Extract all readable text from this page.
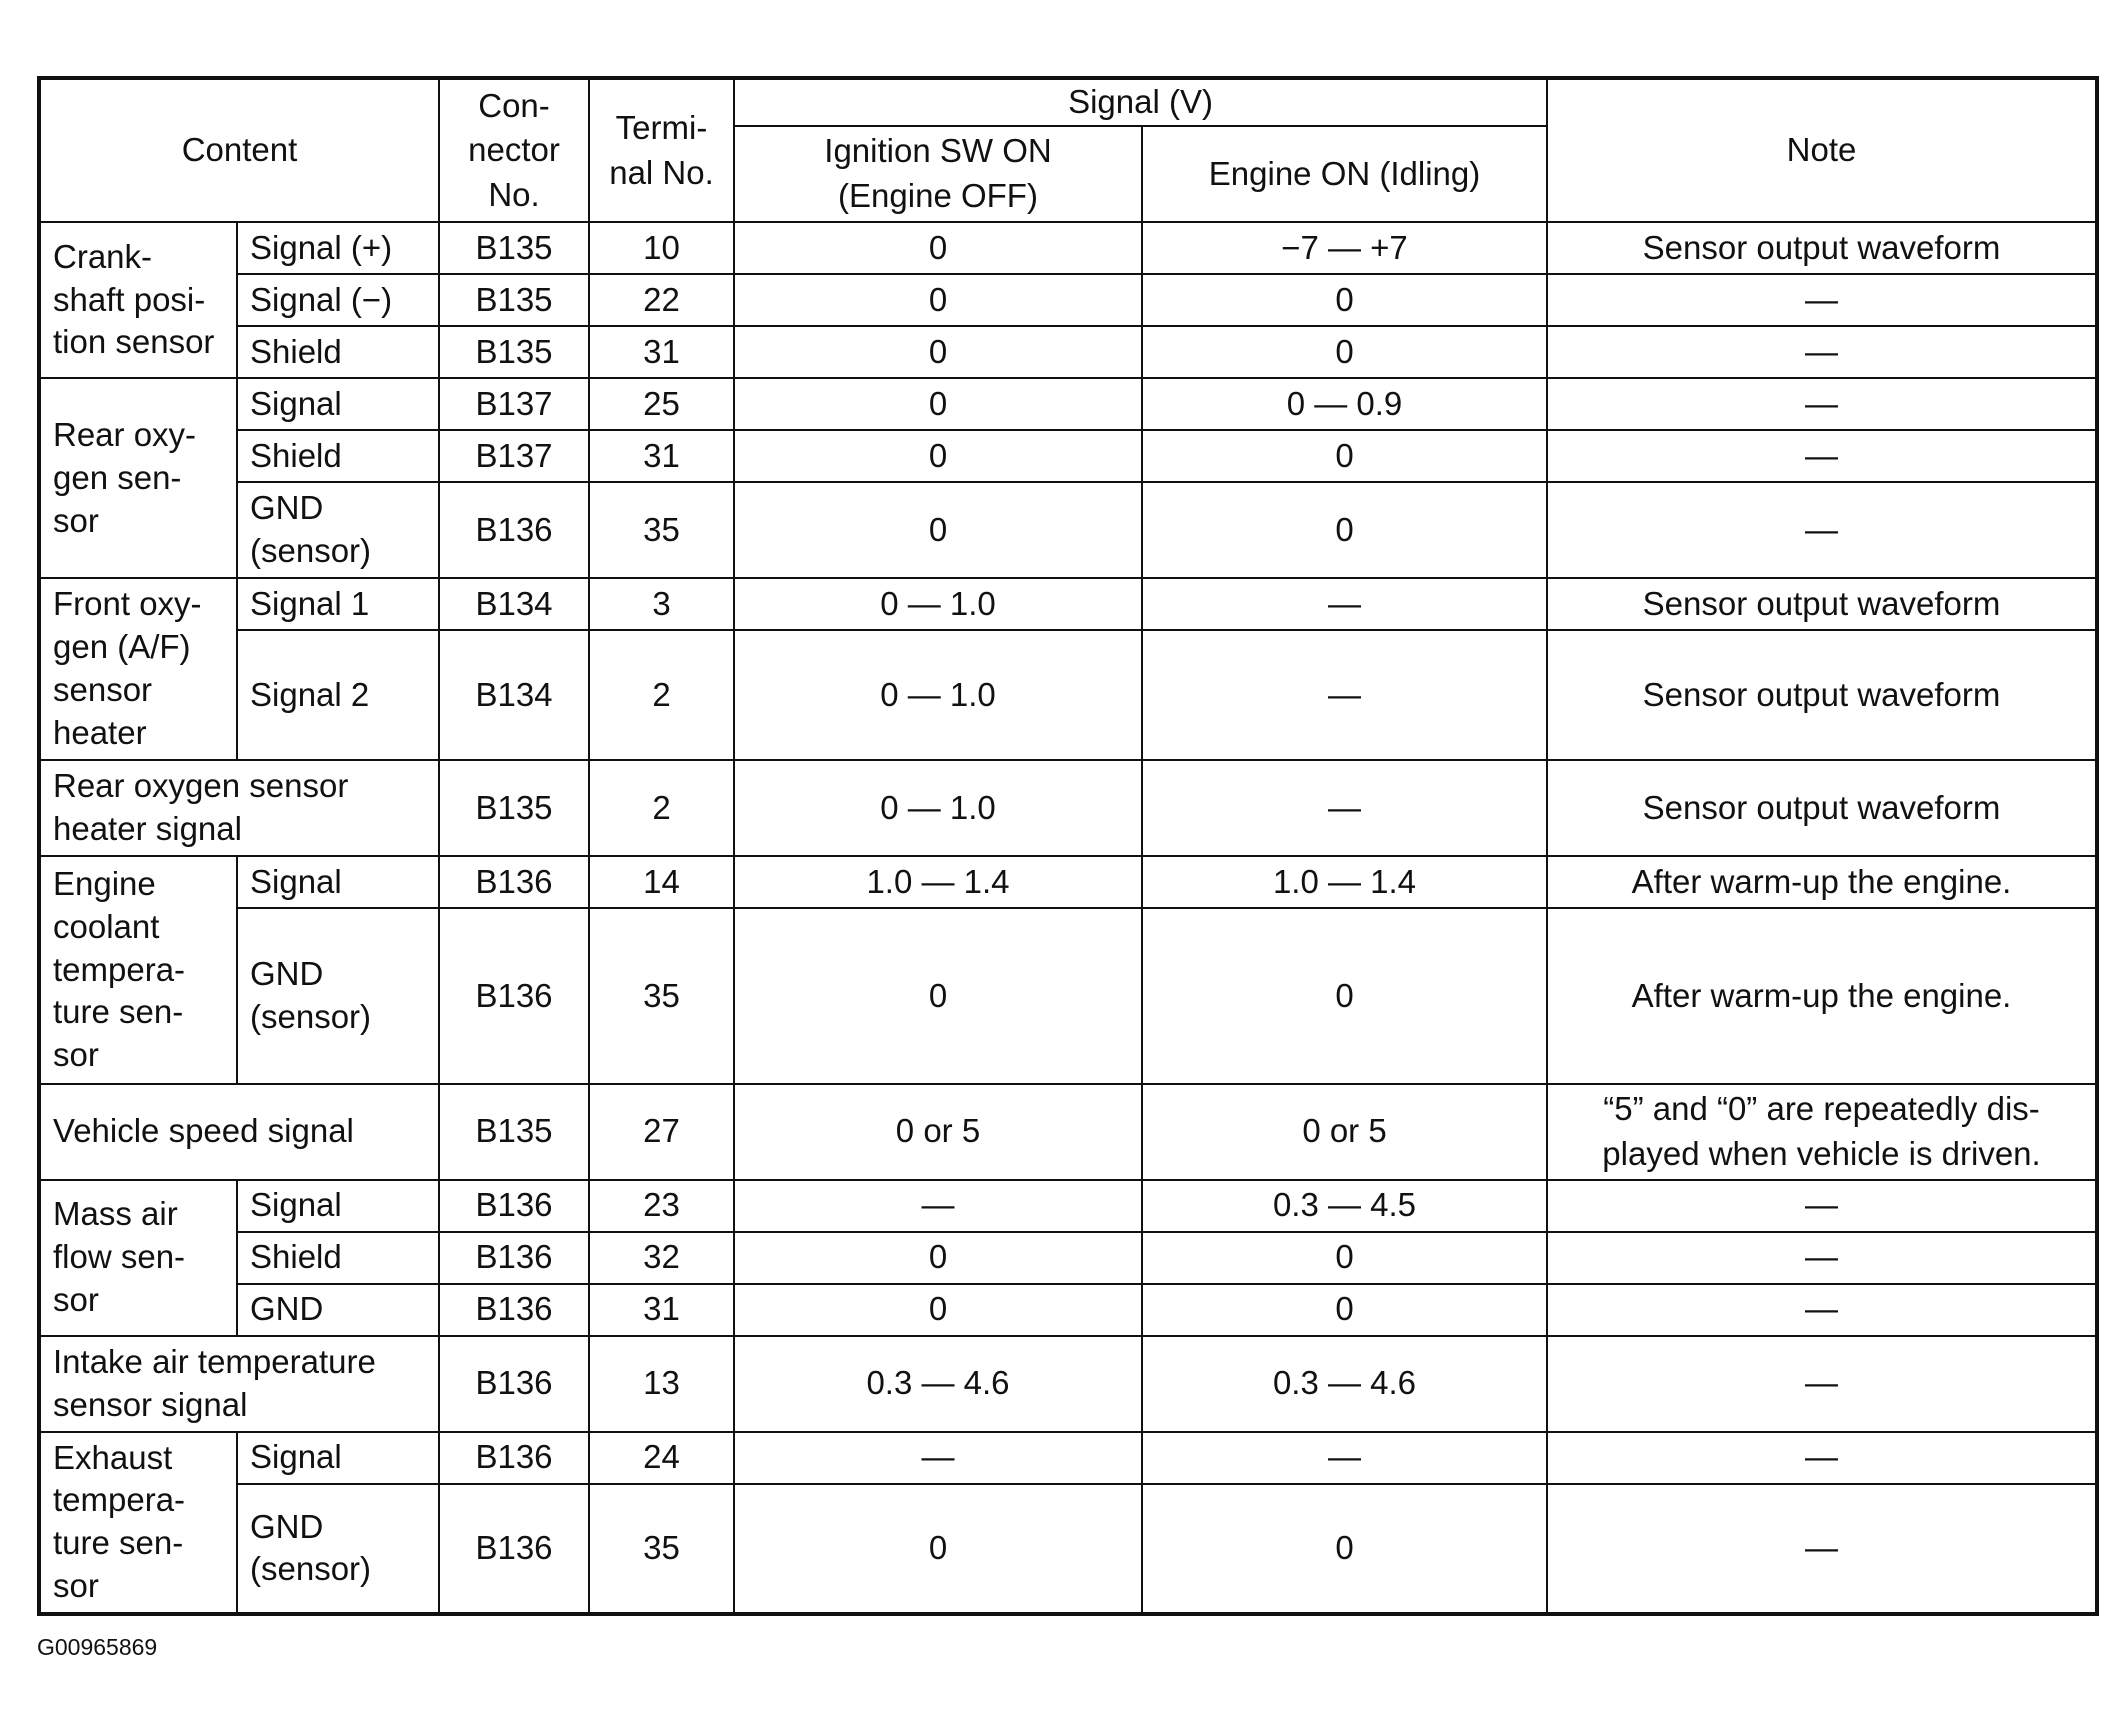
Content		Con-
nector
No.	Termi-
nal No.	Signal (V)		Note

				Ignition SW ON
(Engine OFF)	Engine ON (Idling)	

Crank-
shaft posi-
tion sensor	Signal (+)	B135	10	0	−7 — +7	Sensor output waveform
	Signal (−)	B135	22	0	0	—
	Shield	B135	31	0	0	—

Rear oxy-
gen sen-
sor	Signal	B137	25	0	0 — 0.9	—
	Shield	B137	31	0	0	—

	GND
(sensor)	B136	35	0	0	—

Front oxy-
gen (A/F)
sensor
heater	Signal 1	B134	3	0 — 1.0	—	Sensor output waveform
	Signal 2	B134	2	0 — 1.0	—	Sensor output waveform

Rear oxygen sensor
heater signal		B135	2	0 — 1.0	—	Sensor output waveform

Engine
coolant
tempera-
ture sen-
sor	Signal	B136	14	1.0 — 1.4	1.0 — 1.4	After warm-up the engine.

	GND
(sensor)	B136	35	0	0	After warm-up the engine.
Vehicle speed signal		B135	27	0 or 5	0 or 5	“5” and “0” are repeatedly dis-
played when vehicle is driven.

Mass air
flow sen-
sor	Signal	B136	23	—	0.3 — 4.5	—
	Shield	B136	32	0	0	—
	GND	B136	31	0	0	—

Intake air temperature
sensor signal		B136	13	0.3 — 4.6	0.3 — 4.6	—

Exhaust
tempera-
ture sen-
sor	Signal	B136	24	—	—	—

	GND
(sensor)	B136	35	0	0	—
G00965869
